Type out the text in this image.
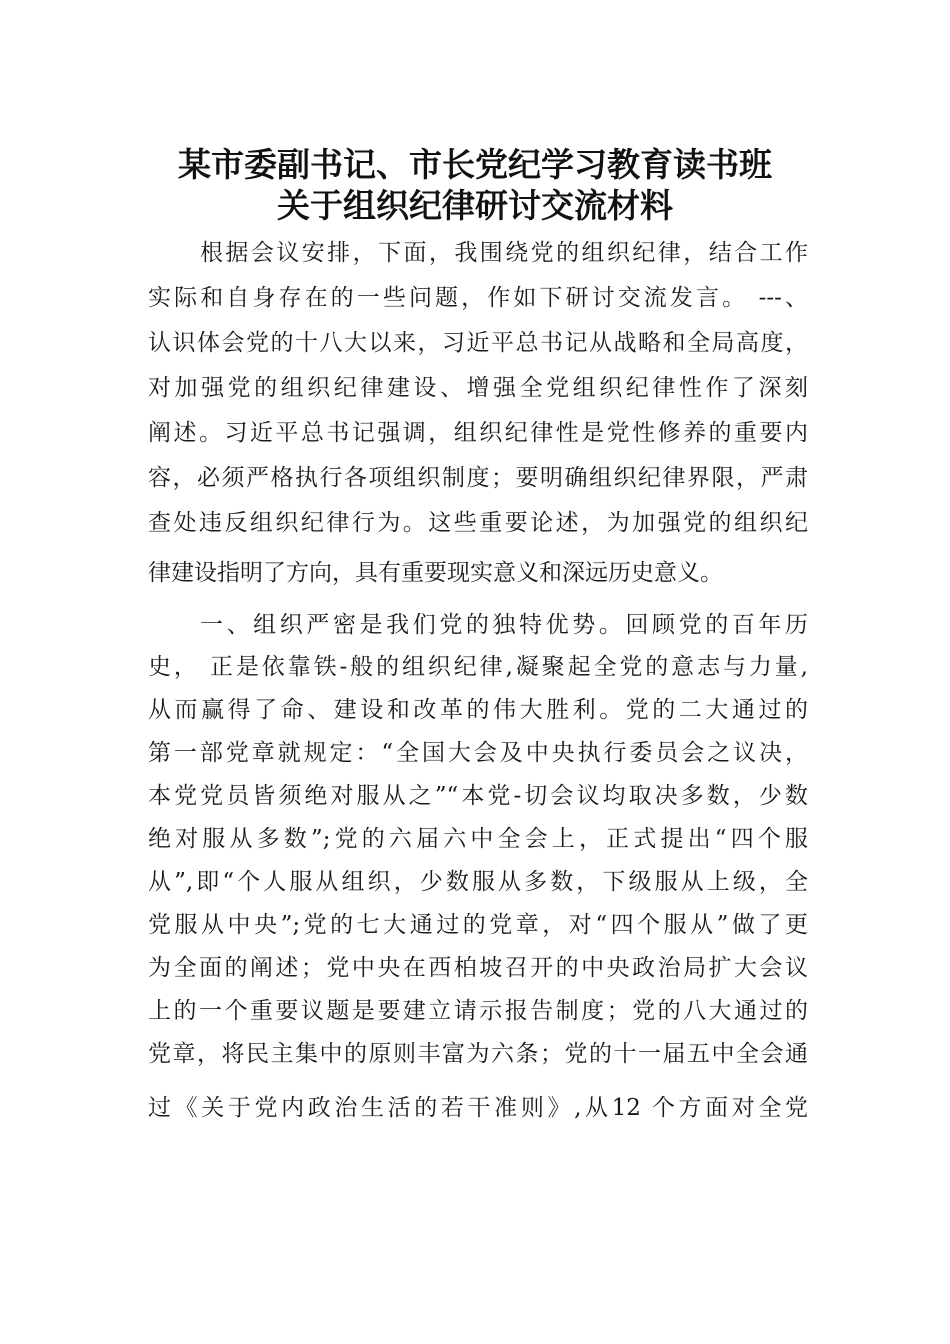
某市委副书记、市长党纪学习教育读书班
关于组织纪律研讨交流材料
根据会议安排，下面，我围绕党的组织纪律，结合工作
实际和自身存在的一些问题，作如下研讨交流发言。 ---、
认识体会党的十八大以来，习近平总书记从战略和全局高度，
对加强党的组织纪律建设、增强全党组织纪律性作了深刻
阐述。习近平总书记强调，组织纪律性是党性修养的重要内
容，必须严格执行各项组织制度；要明确组织纪律界限，严肃
查处违反组织纪律行为。这些重要论述，为加强党的组织纪
律建设指明了方向，具有重要现实意义和深远历史意义。
一、组织严密是我们党的独特优势。回顾党的百年历
史， 正是依靠铁-般的组织纪律,凝聚起全党的意志与力量,
从而赢得了命、建设和改革的伟大胜利。党的二大通过的
第一部党章就规定：“全国大会及中央执行委员会之议决，
本党党员皆须绝对服从之”“本党-切会议均取决多数，少数
绝对服从多数”;党的六届六中全会上，正式提出“四个服
从”,即“个人服从组织，少数服从多数，下级服从上级，全
党服从中央”;党的七大通过的党章，对“四个服从”做了更
为全面的阐述；党中央在西柏坡召开的中央政治局扩大会议
上的一个重要议题是要建立请示报告制度；党的八大通过的
党章，将民主集中的原则丰富为六条；党的十一届五中全会通
过《关于党内政治生活的若干准则》,从12 个方面对全党
